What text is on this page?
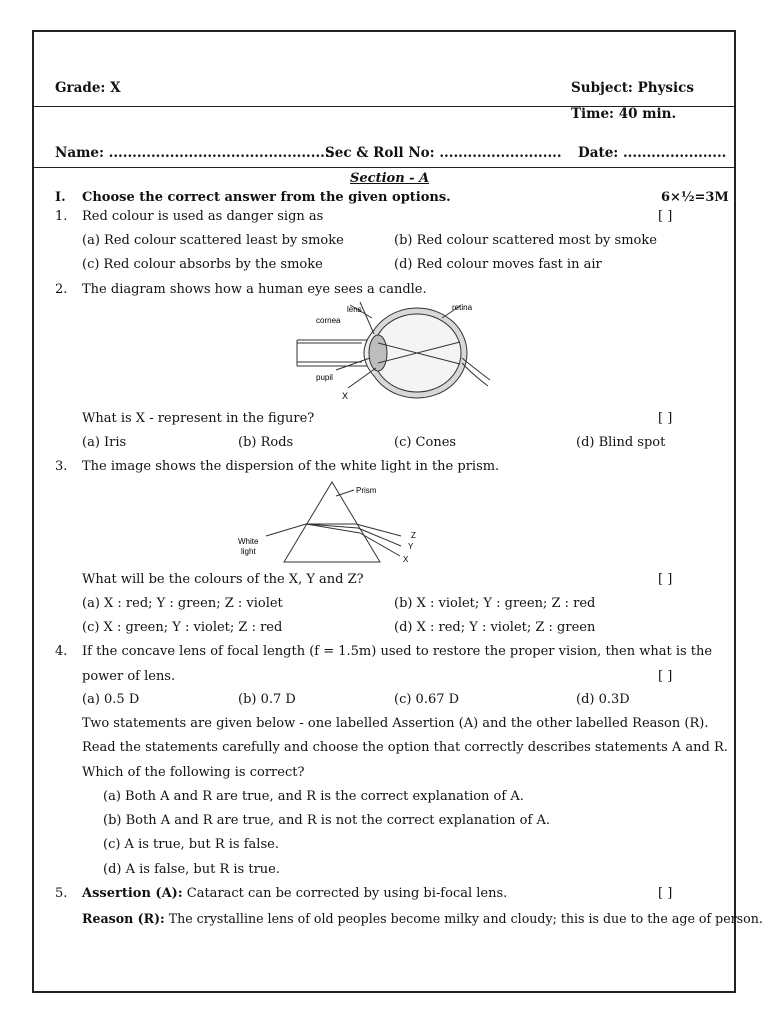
Grade: X	Subject: Physics
Time: 40 min.
Name: ................................................
Sec & Roll No: .......................... Date: ......................
Section - A
I. Choose the correct answer from the given options.	6×½=3M
1. Red colour is used as danger sign as	[ ]
(a) Red colour scattered least by smoke	(b) Red colour scattered most by smoke
(c) Red colour absorbs by the smoke	(d) Red colour moves fast in air
2. The diagram shows how a human eye sees a candle.
cornea
lens	retina
pupil
X
What is X - represent in the figure?	[ ]
(a) Iris	(b) Rods	(c) Cones	(d) Blind spot
3. The image shows the dispersion of the white light in the prism.
Prism
White
light
Z
Y
X
What will be the colours of the X, Y and Z?	[ ]
(a) X : red; Y : green; Z : violet	(b) X : violet; Y : green; Z : red
(c) X : green; Y : violet; Z : red	(d) X : red; Y : violet; Z : green
4. If the concave lens of focal length (f = 1.5m) used to restore the proper vision, then what is the
power of lens.	[ ]
(a) 0.5 D	(b) 0.7 D	(c) 0.67 D	(d) 0.3D
Two statements are given below - one labelled Assertion (A) and the other labelled Reason (R).
Read the statements carefully and choose the option that correctly describes statements A and R.
Which of the following is correct?
(a) Both A and R are true, and R is the correct explanation of A.
(b) Both A and R are true, and R is not the correct explanation of A.
(c) A is true, but R is false.
(d) A is false, but R is true.
5. Assertion (A): Cataract can be corrected by using bi-focal lens.	[ ]
Reason (R): The crystalline lens of old peoples become milky and cloudy; this is due to the age of person.
